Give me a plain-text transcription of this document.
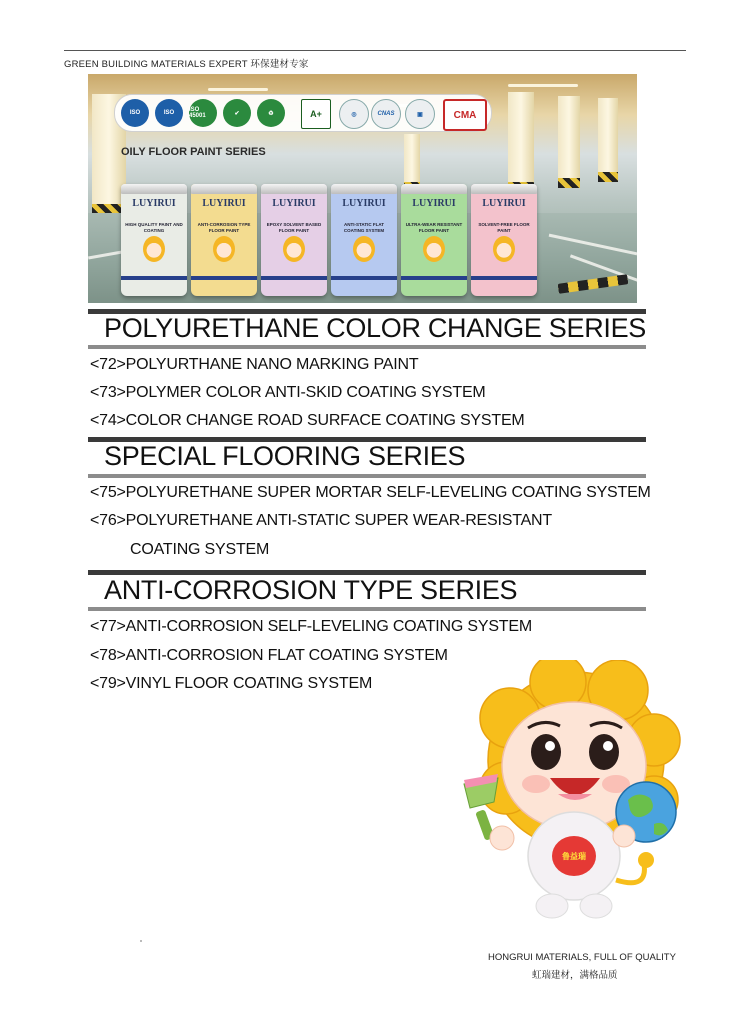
GREEN BUILDING MATERIALS EXPERT 环保建材专家
ISO	ISO	ISO 45001	✔	♻	A+	◎	CNAS	▣	CMA
OILY FLOOR PAINT SERIES
LUYIRUI
HIGH QUALITY PAINT AND COATING
LUYIRUI
ANTI-CORROSION TYPE FLOOR PAINT
LUYIRUI
EPOXY SOLVENT BASED FLOOR PAINT
LUYIRUI
ANTI-STATIC FLAT COATING SYSTEM
LUYIRUI
ULTRA-WEAR RESISTANT FLOOR PAINT
LUYIRUI
SOLVENT-FREE FLOOR PAINT
POLYURETHANE COLOR CHANGE SERIES
<72>POLYURTHANE NANO MARKING PAINT
<73>POLYMER COLOR ANTI-SKID COATING SYSTEM
<74>COLOR CHANGE ROAD SURFACE COATING SYSTEM
SPECIAL FLOORING SERIES
<75>POLYURETHANE SUPER MORTAR SELF-LEVELING COATING SYSTEM
<76>POLYURETHANE ANTI-STATIC SUPER WEAR-RESISTANT
COATING SYSTEM
ANTI-CORROSION TYPE SERIES
<77>ANTI-CORROSION SELF-LEVELING COATING SYSTEM
<78>ANTI-CORROSION FLAT COATING SYSTEM
<79>VINYL FLOOR COATING SYSTEM
鲁益瑞
HONGRUI MATERIALS, FULL OF QUALITY
虹瑞建材，满格品质
